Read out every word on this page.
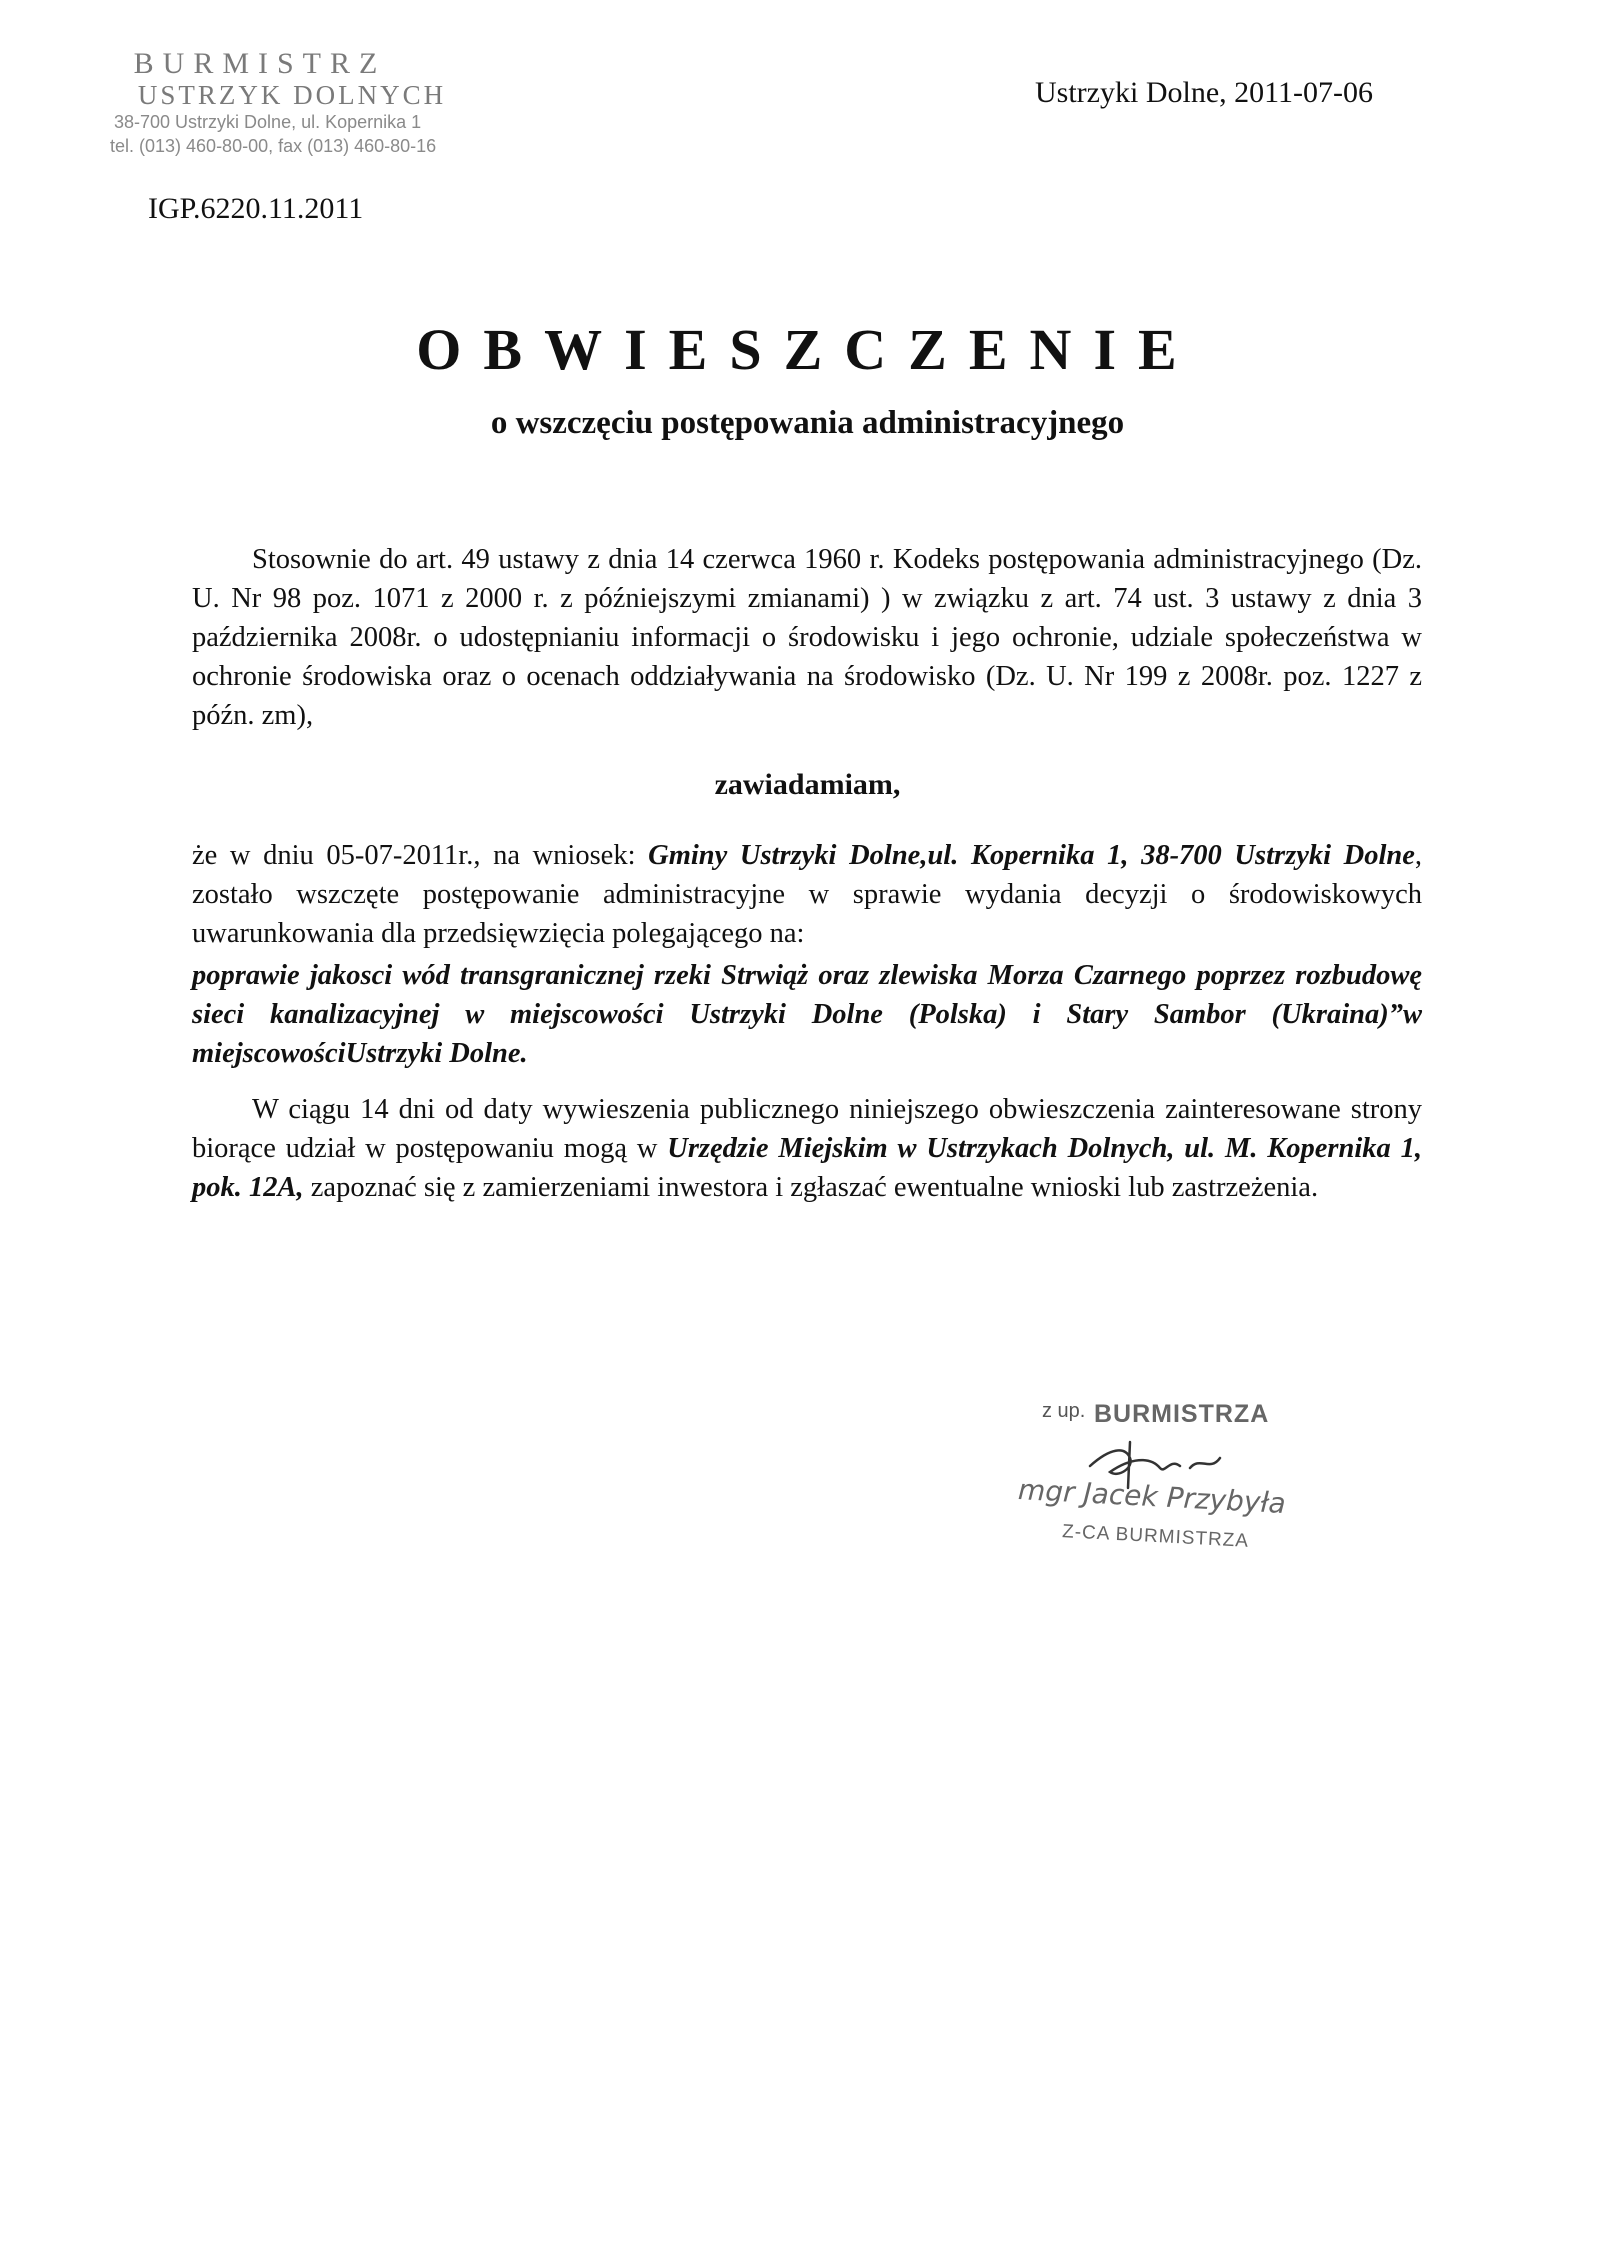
BURMISTRZ
USTRZYK DOLNYCH
38-700 Ustrzyki Dolne, ul. Kopernika 1
tel. (013) 460-80-00, fax (013) 460-80-16
Ustrzyki Dolne, 2011-07-06
IGP.6220.11.2011
OBWIESZCZENIE
o wszczęciu postępowania administracyjnego
Stosownie do art. 49 ustawy z dnia 14 czerwca 1960 r. Kodeks postępowania administracyjnego (Dz. U. Nr 98 poz. 1071 z 2000 r. z późniejszymi zmianami) ) w związku z art. 74 ust. 3 ustawy z dnia 3 października 2008r. o udostępnianiu informacji o środowisku i jego ochronie, udziale społeczeństwa w ochronie środowiska oraz o ocenach oddziaływania na środowisko (Dz. U. Nr 199 z 2008r. poz. 1227 z późn. zm),
zawiadamiam,
że w dniu 05-07-2011r., na wniosek: Gminy Ustrzyki Dolne,ul. Kopernika 1, 38-700 Ustrzyki Dolne, zostało wszczęte postępowanie administracyjne w sprawie wydania decyzji o środowiskowych uwarunkowania dla przedsięwzięcia polegającego na:
poprawie jakosci wód transgranicznej rzeki Strwiąż oraz zlewiska Morza Czarnego poprzez rozbudowę sieci kanalizacyjnej w miejscowości Ustrzyki Dolne (Polska) i Stary Sambor (Ukraina)”w miejscowościUstrzyki Dolne.
W ciągu 14 dni od daty wywieszenia publicznego niniejszego obwieszczenia zainteresowane strony biorące udział w postępowaniu mogą w Urzędzie Miejskim w Ustrzykach Dolnych, ul. M. Kopernika 1, pok. 12A, zapoznać się z zamierzeniami inwestora i zgłaszać ewentualne wnioski lub zastrzeżenia.
z up. BURMISTRZA
mgr Jacek Przybyła
Z-CA BURMISTRZA
